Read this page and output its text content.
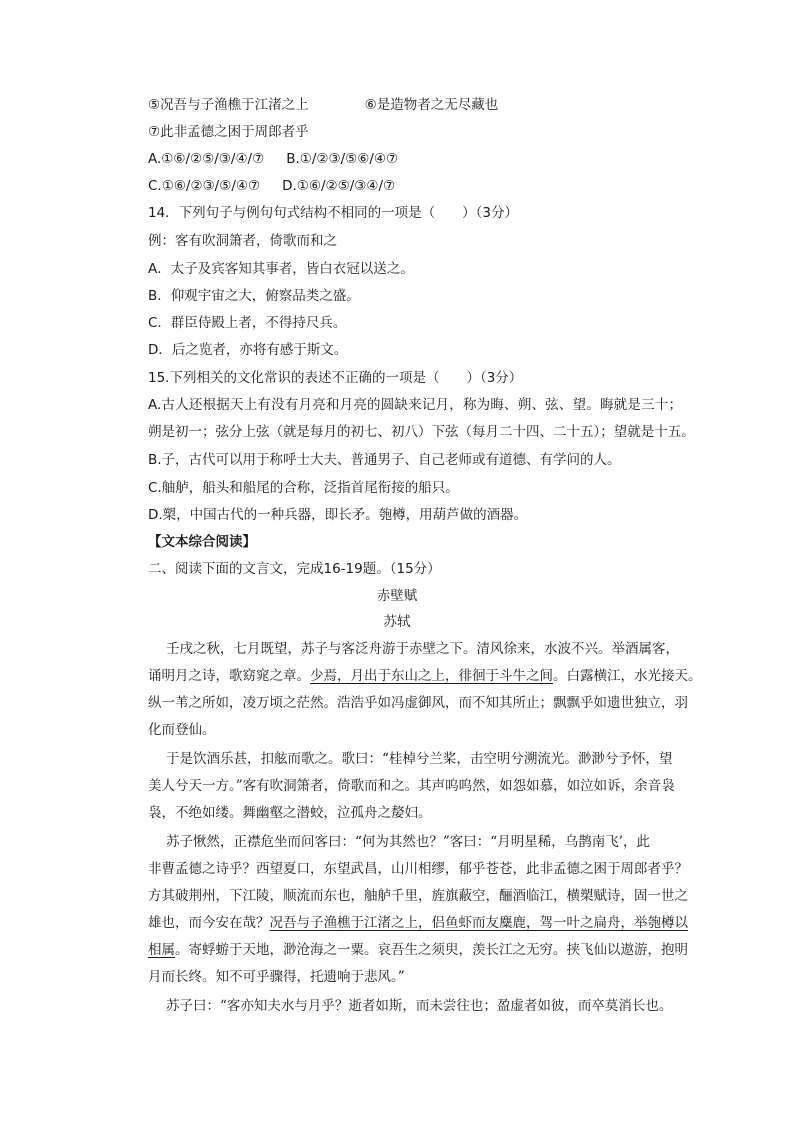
⑤况吾与子渔樵于江渚之上	⑥是造物者之无尽藏也
⑦此非孟德之困于周郎者乎
A.①⑥/②⑤/③/④/⑦ B.①/②③/⑤⑥/④⑦
C.①⑥/②③/⑤/④⑦ D.①⑥/②⑤/③④/⑦
14．下列句子与例句句式结构不相同的一项是（　　）（3分）
例：客有吹洞箫者，倚歌而和之
A．太子及宾客知其事者，皆白衣冠以送之。
B．仰观宇宙之大，俯察品类之盛。
C．群臣侍殿上者，不得持尺兵。
D．后之览者，亦将有感于斯文。
15.下列相关的文化常识的表述不正确的一项是（　　）（3分）
A.古人还根据天上有没有月亮和月亮的圆缺来记月，称为晦、朔、弦、望。晦就是三十；
朔是初一；弦分上弦（就是每月的初七、初八）下弦（每月二十四、二十五）；望就是十五。
B.子，古代可以用于称呼士大夫、普通男子、自己老师或有道德、有学问的人。
C.舳舻，船头和船尾的合称，泛指首尾衔接的船只。
D.槊，中国古代的一种兵器，即长矛。匏樽，用葫芦做的酒器。
【文本综合阅读】
二、阅读下面的文言文，完成16-19题。（15分）
赤壁赋
苏轼
壬戌之秋，七月既望，苏子与客泛舟游于赤壁之下。清风徐来，水波不兴。举酒属客，
诵明月之诗，歌窈窕之章。少焉，月出于东山之上，徘徊于斗牛之间。白露横江，水光接天。
纵一苇之所如，凌万顷之茫然。浩浩乎如冯虚御风，而不知其所止；飘飘乎如遗世独立，羽
化而登仙。
于是饮酒乐甚，扣舷而歌之。歌曰：“桂棹兮兰桨，击空明兮溯流光。渺渺兮予怀，望
美人兮天一方。”客有吹洞箫者，倚歌而和之。其声呜呜然，如怨如慕，如泣如诉，余音袅
袅，不绝如缕。舞幽壑之潜蛟，泣孤舟之嫠妇。
苏子愀然，正襟危坐而问客曰：“何为其然也？”客曰：“月明星稀，乌鹊南飞’，此
非曹孟德之诗乎？西望夏口，东望武昌，山川相缪，郁乎苍苍，此非孟德之困于周郎者乎？
方其破荆州，下江陵，顺流而东也，舳舻千里，旌旗蔽空，酾酒临江，横槊赋诗，固一世之
雄也，而今安在哉？况吾与子渔樵于江渚之上，侣鱼虾而友麋鹿，驾一叶之扁舟，举匏樽以
相属。寄蜉蝣于天地，渺沧海之一粟。哀吾生之须臾，羡长江之无穷。挟飞仙以遨游，抱明
月而长终。知不可乎骤得，托遗响于悲风。”
苏子曰：“客亦知夫水与月乎？逝者如斯，而未尝往也；盈虚者如彼，而卒莫消长也。
